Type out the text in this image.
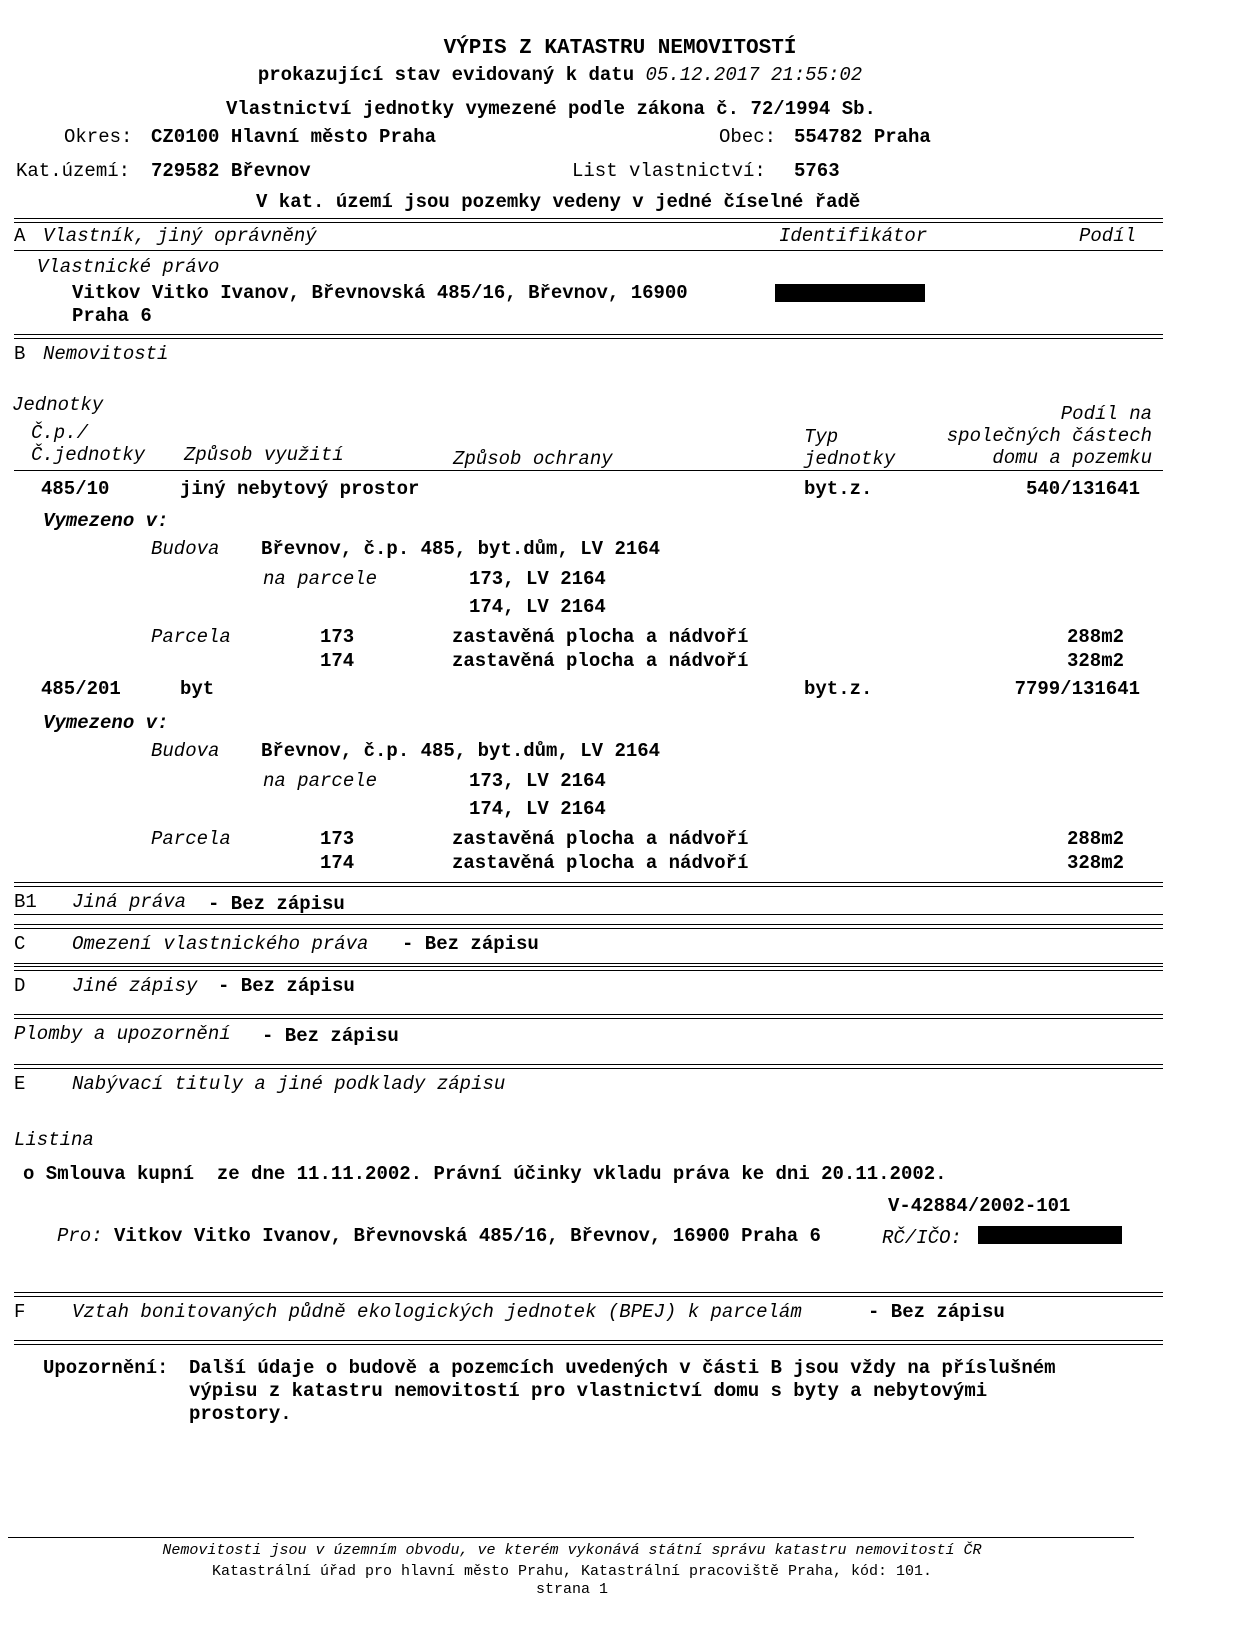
VÝPIS Z KATASTRU NEMOVITOSTÍ
prokazující stav evidovaný k datu 05.12.2017 21:55:02
Vlastnictví jednotky vymezené podle zákona č. 72/1994 Sb.
Okres: CZ0100 Hlavní město Praha	Obec: 554782 Praha
Kat.území: 729582 Břevnov	List vlastnictví: 5763
V kat. území jsou pozemky vedeny v jedné číselné řadě
A Vlastník, jiný oprávněný	Identifikátor	Podíl
Vlastnické právo
Vitkov Vitko Ivanov, Břevnovská 485/16, Břevnov, 16900
Praha 6
B Nemovitosti
Jednotky
Č.p./
Č.jednotky Způsob využití	Způsob ochrany
Typ
jednotky
Podíl na
společných částech
domu a pozemku
485/10	jiný nebytový prostor	byt.z.	540/131641
Vymezeno v:
Budova Břevnov, č.p. 485, byt.dům, LV 2164
na parcele	173, LV 2164
174, LV 2164
Parcela	173	zastavěná plocha a nádvoří	288m2
174	zastavěná plocha a nádvoří	328m2
485/201	byt	byt.z.	7799/131641
Vymezeno v:
Budova Břevnov, č.p. 485, byt.dům, LV 2164
na parcele	173, LV 2164
174, LV 2164
Parcela	173	zastavěná plocha a nádvoří	288m2
174	zastavěná plocha a nádvoří	328m2
B1 Jiná práva - Bez zápisu
C Omezení vlastnického práva - Bez zápisu
D Jiné zápisy - Bez zápisu
Plomby a upozornění - Bez zápisu
E Nabývací tituly a jiné podklady zápisu
Listina
o Smlouva kupní  ze dne 11.11.2002. Právní účinky vkladu práva ke dni 20.11.2002.
V-42884/2002-101
Pro: Vitkov Vitko Ivanov, Břevnovská 485/16, Břevnov, 16900 Praha 6	RČ/IČO:
F Vztah bonitovaných půdně ekologických jednotek (BPEJ) k parcelám	- Bez zápisu
Upozornění: Další údaje o budově a pozemcích uvedených v části B jsou vždy na příslušném
výpisu z katastru nemovitostí pro vlastnictví domu s byty a nebytovými
prostory.
Nemovitosti jsou v územním obvodu, ve kterém vykonává státní správu katastru nemovitostí ČR
Katastrální úřad pro hlavní město Prahu, Katastrální pracoviště Praha, kód: 101.
strana 1
